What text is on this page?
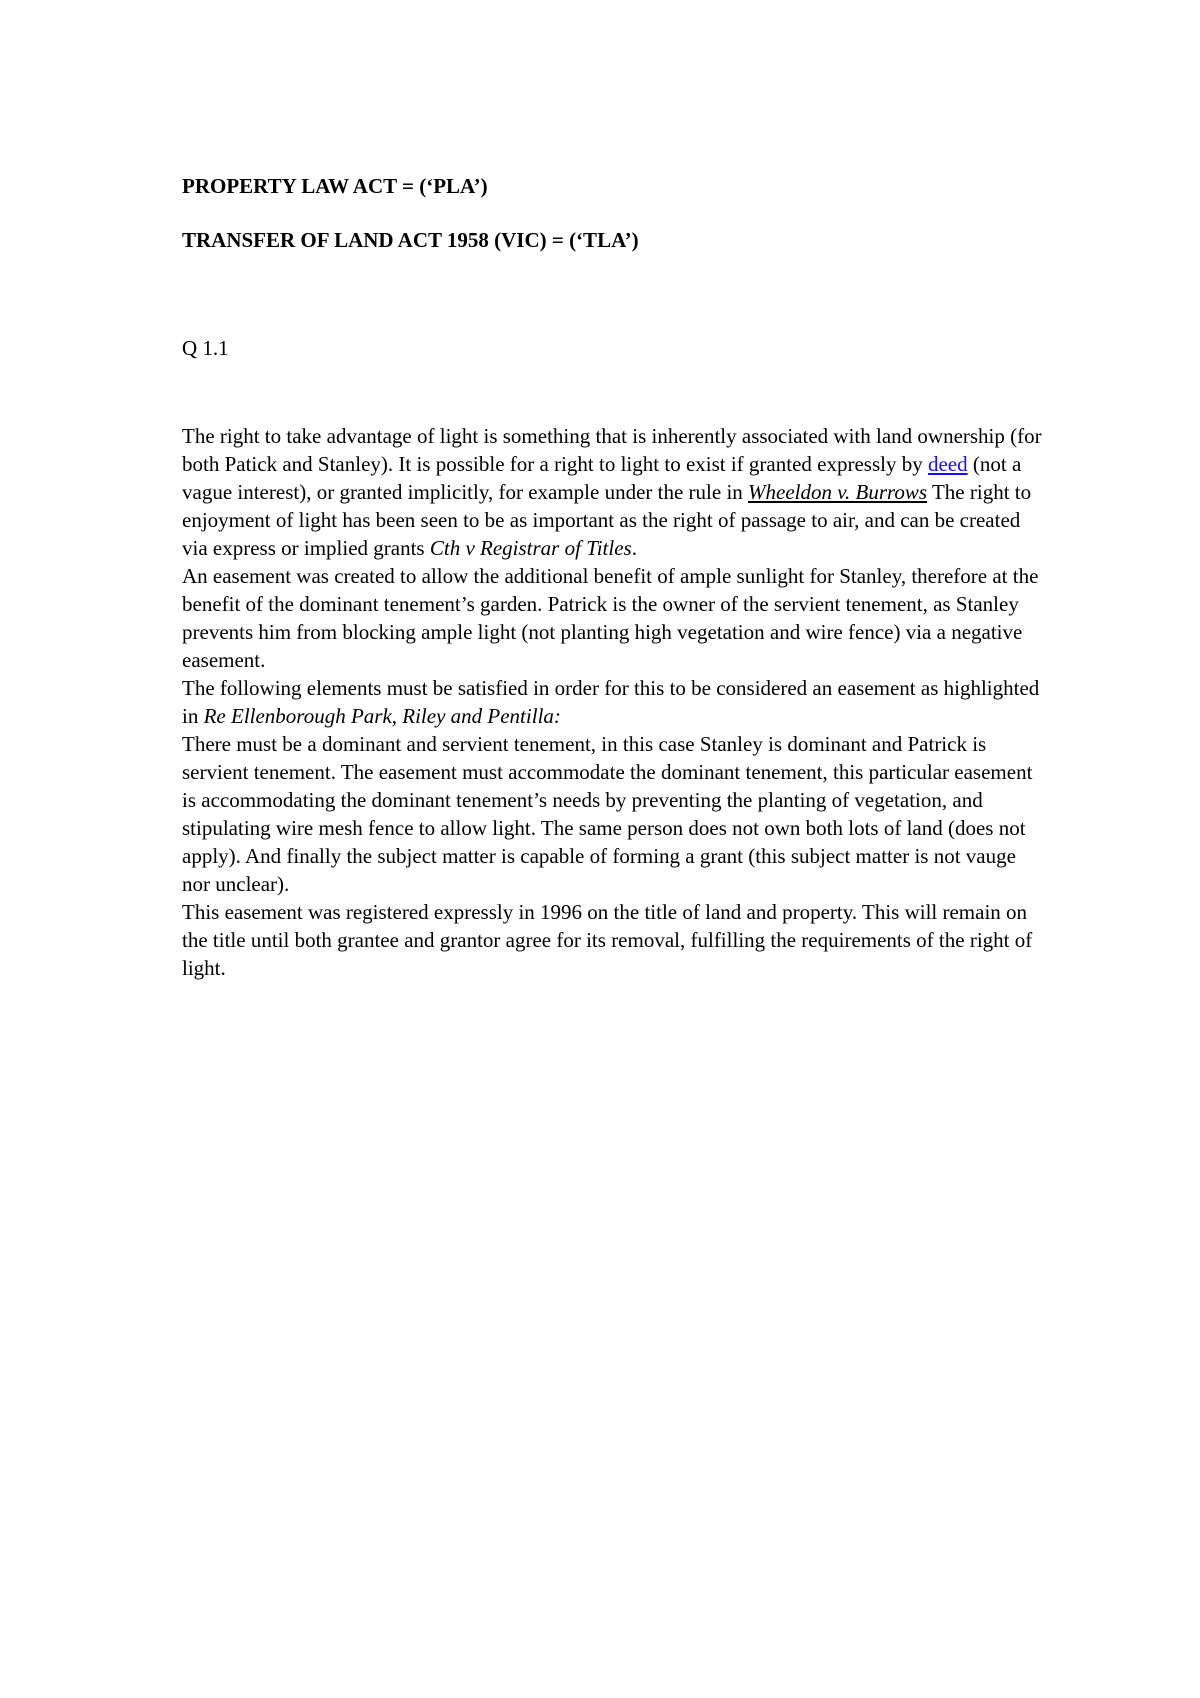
PROPERTY LAW ACT = (‘PLA’)

TRANSFER OF LAND ACT 1958 (VIC) = (‘TLA’)

Q 1.1

The right to take advantage of light is something that is inherently associated with land ownership (for both Patick and Stanley). It is possible for a right to light to exist if granted expressly by deed (not a vague interest), or granted implicitly, for example under the rule in Wheeldon v. Burrows The right to enjoyment of light has been seen to be as important as the right of passage to air, and can be created via express or implied grants Cth v Registrar of Titles.

An easement was created to allow the additional benefit of ample sunlight for Stanley, therefore at the benefit of the dominant tenement’s garden. Patrick is the owner of the servient tenement, as Stanley prevents him from blocking ample light (not planting high vegetation and wire fence) via a negative easement.

The following elements must be satisfied in order for this to be considered an easement as highlighted in Re Ellenborough Park, Riley and Pentilla:

There must be a dominant and servient tenement, in this case Stanley is dominant and Patrick is servient tenement. The easement must accommodate the dominant tenement, this particular easement is accommodating the dominant tenement’s needs by preventing the planting of vegetation, and stipulating wire mesh fence to allow light. The same person does not own both lots of land (does not apply). And finally the subject matter is capable of forming a grant (this subject matter is not vauge nor unclear).

This easement was registered expressly in 1996 on the title of land and property. This will remain on the title until both grantee and grantor agree for its removal, fulfilling the requirements of the right of light.
